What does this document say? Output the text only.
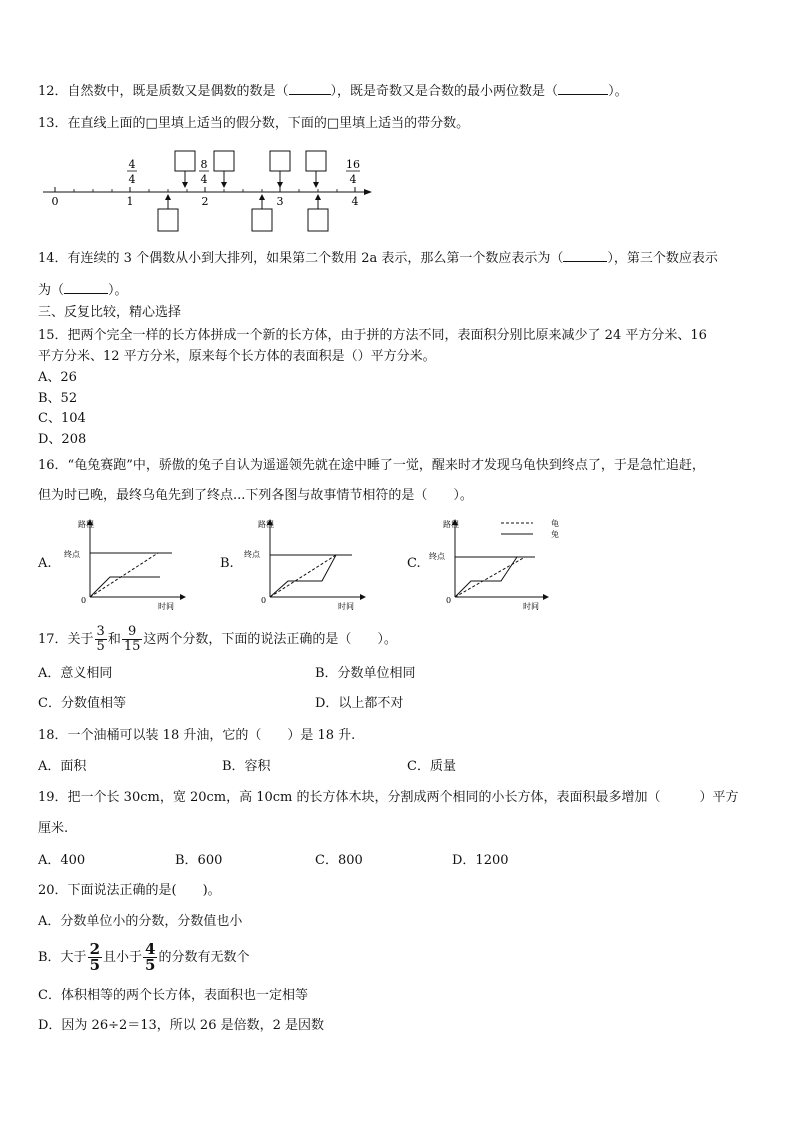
12．自然数中，既是质数又是偶数的数是（	），既是奇数又是合数的最小两位数是（	）。
13．在直线上面的□里填上适当的假分数，下面的□里填上适当的带分数。
4
4
8
4
16
4
0	1	2	3	4
14．有连续的 3 个偶数从小到大排列，如果第二个数用 2a 表示，那么第一个数应表示为（	），第三个数应表示
为（	）。
三、反复比较，精心选择
15．把两个完全一样的长方体拼成一个新的长方体，由于拼的方法不同，表面积分别比原来减少了 24 平方分米、16
平方分米、12 平方分米，原来每个长方体的表面积是（）平方分米。
A、26
B、52
C、104
D、208
16．“龟兔赛跑”中，骄傲的兔子自认为遥遥领先就在途中睡了一觉，醒来时才发现乌龟快到终点了，于是急忙追赶，
但为时已晚，最终乌龟先到了终点...下列各图与故事情节相符的是（　　）。
A.	B.	C.
路程
时间
终点
0
路程
时间
终点
0
路程
时间
终点
0
龟
兔
17．关于 $\frac{3}{5}$ 和 $\frac{9}{15}$ 这两个分数，下面的说法正确的是（　　）。
A．意义相同	B．分数单位相同
C．分数值相等	D．以上都不对
18．一个油桶可以装 18 升油，它的（　　）是 18 升.
A．面积	B．容积	C．质量
19．把一个长 30cm，宽 20cm，高 10cm 的长方体木块，分割成两个相同的小长方体，表面积最多增加（　　　）平方
厘米.
A．400	B．600	C．800	D．1200
20．下面说法正确的是(　　)。
A．分数单位小的分数，分数值也小
B．大于 $\frac{2}{5}$ 且小于 $\frac{4}{5}$ 的分数有无数个
C．体积相等的两个长方体，表面积也一定相等
D．因为 26÷2＝13，所以 26 是倍数，2 是因数
